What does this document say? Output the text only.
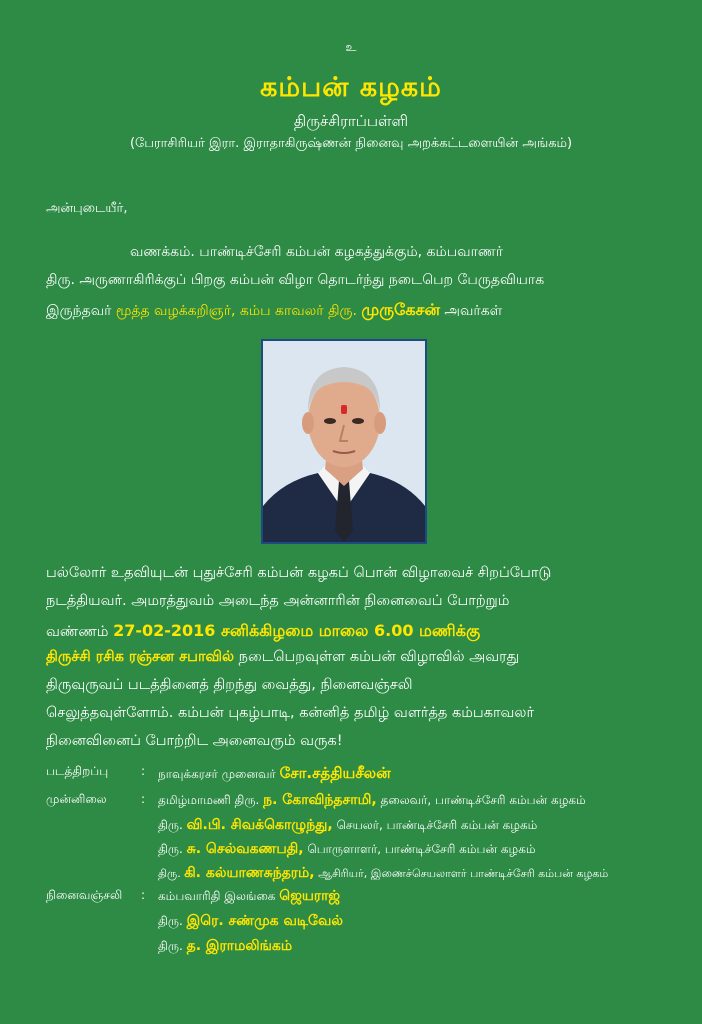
உ
கம்பன் கழகம்
திருச்சிராப்பள்ளி
(பேராசிரியர் இரா. இராதாகிருஷ்ணன் நினைவு அறக்கட்டளையின் அங்கம்)
அன்புடையீர்,
வணக்கம். பாண்டிச்சேரி கம்பன் கழகத்துக்கும், கம்பவாணர்
திரு. அருணாகிரிக்குப் பிறகு கம்பன் விழா தொடர்ந்து நடைபெற பேருதவியாக
இருந்தவர் மூத்த வழக்கறிஞர், கம்ப காவலர் திரு. முருகேசன் அவர்கள்
பல்லோர் உதவியுடன் புதுச்சேரி கம்பன் கழகப் பொன் விழாவைச் சிறப்போடு
நடத்தியவர். அமரத்துவம் அடைந்த அன்னாரின் நினைவைப் போற்றும்
வண்ணம் 27-02-2016 சனிக்கிழமை மாலை 6.00 மணிக்கு
திருச்சி ரசிக ரஞ்சன சபாவில் நடைபெறவுள்ள கம்பன் விழாவில் அவரது
திருவுருவப் படத்தினைத் திறந்து வைத்து, நினைவஞ்சலி
செலுத்தவுள்ளோம். கம்பன் புகழ்பாடி, கன்னித் தமிழ் வளர்த்த கம்பகாவலர்
நினைவினைப் போற்றிட அனைவரும் வருக!
படத்திறப்பு	: நாவுக்கரசர் முனைவர் சோ.சத்தியசீலன்
முன்னிலை	: தமிழ்மாமணி திரு. ந. கோவிந்தசாமி, தலைவர், பாண்டிச்சேரி கம்பன் கழகம்
திரு. வி.பி. சிவக்கொழுந்து, செயலர், பாண்டிச்சேரி கம்பன் கழகம்
திரு. சு. செல்வகணபதி, பொருளாளர், பாண்டிச்சேரி கம்பன் கழகம்
திரு. கி. கல்யாணசுந்தரம், ஆசிரியர், இணைச்செயலாளர் பாண்டிச்சேரி கம்பன் கழகம்
நினைவஞ்சலி : கம்பவாரிதி இலங்கை ஜெயராஜ்
திரு. இரெ. சண்முக வடிவேல்
திரு. த. இராமலிங்கம்
